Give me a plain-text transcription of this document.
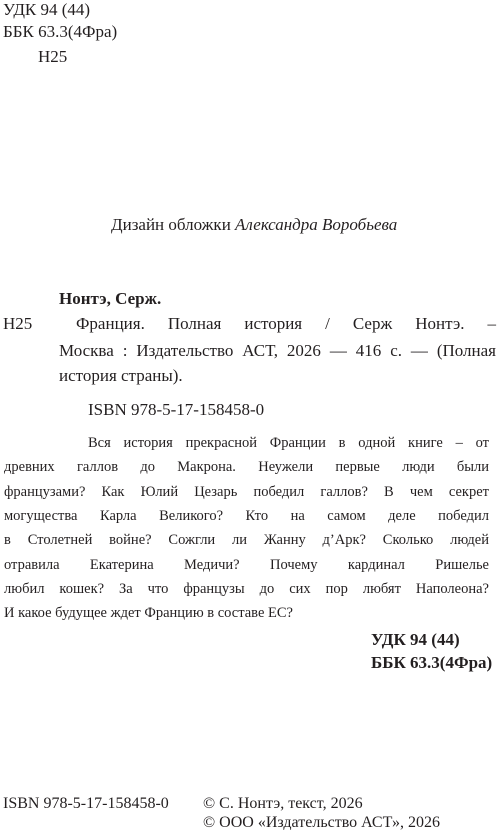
УДК 94 (44)
ББК 63.3(4Фра)
Н25
Дизайн обложки Александра Воробьева
Н25
Нонтэ, Серж.
Франция. Полная история / Серж Нонтэ. –
Москва : Издательство АСТ, 2026 — 416 с. — (Полная
история страны).
ISBN 978-5-17-158458-0
Вся история прекрасной Франции в одной книге – от
древних галлов до Макрона. Неужели первые люди были
французами? Как Юлий Цезарь победил галлов? В чем секрет
могущества Карла Великого? Кто на самом деле победил
в Столетней войне? Сожгли ли Жанну д’Арк? Сколько людей
отравила Екатерина Медичи? Почему кардинал Ришелье
любил кошек? За что французы до сих пор любят Наполеона?
И какое будущее ждет Францию в составе ЕС?
УДК 94 (44)
ББК 63.3(4Фра)
ISBN 978-5-17-158458-0 © С. Нонтэ, текст, 2026
© ООО «Издательство АСТ», 2026
